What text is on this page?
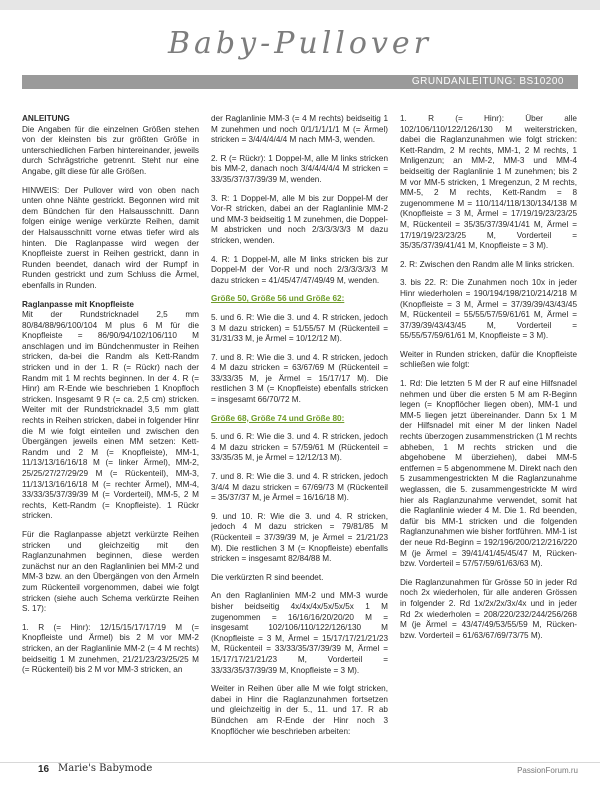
Baby-Pullover
GRUNDANLEITUNG: BS10200

ANLEITUNG
Die Angaben für die einzelnen Größen stehen von der kleinsten bis zur größten Größe in unterschiedlichen Farben hintereinander, jeweils durch Schrägstriche getrennt. Steht nur eine Angabe, gilt diese für alle Größen.

HINWEIS: Der Pullover wird von oben nach unten ohne Nähte gestrickt. Begonnen wird mit dem Bündchen für den Halsausschnitt. Dann folgen einige wenige verkürzte Reihen, damit der Halsausschnitt vorne etwas tiefer wird als hinten. Die Raglanpasse wird wegen der Knopfleiste zuerst in Reihen gestrickt, dann in Runden beendet, danach wird der Rumpf in Runden gestrickt und zum Schluss die Ärmel, ebenfalls in Runden.

Raglanpasse mit Knopfleiste
Mit der Rundstricknadel 2,5 mm 80/84/88/96/100/104 M plus 6 M für die Knopfleiste = 86/90/94/102/106/110 M anschlagen und im Bündchenmuster in Reihen stricken, da-bei die Randm als Kett-Randm stricken und in der 1. R (= Rückr) nach der Randm mit 1 M rechts beginnen. In der 4. R (= Hinr) am R-Ende wie beschrieben 1 Knopfloch stricken. Insgesamt 9 R (= ca. 2,5 cm) stricken. Weiter mit der Rundstricknadel 3,5 mm glatt rechts in Reihen stricken, dabei in folgender Hinr die M wie folgt einteilen und zwischen den Übergängen jeweils einen MM setzen: Kett-Randm und 2 M (= Knopfleiste), MM-1, 11/13/13/16/16/18 M (= linker Ärmel), MM-2, 25/25/27/27/29/29 M (= Rückenteil), MM-3, 11/13/13/16/16/18 M (= rechter Ärmel), MM-4, 33/33/35/37/39/39 M (= Vorderteil), MM-5, 2 M rechts, Kett-Randm (= Knopfleiste). 1 Rückr stricken.

Für die Raglanpasse abjetzt verkürzte Reihen stricken und gleichzeitig mit den Raglanzunahmen beginnen, diese werden zunächst nur an den Raglanlinien bei MM-2 und MM-3 bzw. an den Übergängen von den Ärmeln zum Rückenteil vorgenommen, dabei wie folgt stricken (siehe auch Schema verkürzte Reihen S. 17):

1. R (= Hinr): 12/15/15/17/17/19 M (= Knopfleiste und Ärmel) bis 2 M vor MM-2 stricken, an der Raglanlinie MM-2 (= 4 M rechts) beidseitig 1 M zunehmen, 21/21/23/23/25/25 M (= Rückenteil) bis 2 M vor MM-3 stricken, an

der Raglanlinie MM-3 (= 4 M rechts) beidseitig 1 M zunehmen und noch 0/1/1/1/1/1 M (= Ärmel) stricken = 3/4/4/4/4/4 M nach MM-3, wenden.

2. R (= Rückr): 1 Doppel-M, alle M links stricken bis MM-2, danach noch 3/4/4/4/4/4 M stricken = 33/35/37/37/39/39 M, wenden.

3. R: 1 Doppel-M, alle M bis zur Doppel-M der Vor-R stricken, dabei an der Raglanlinie MM-2 und MM-3 beidseitig 1 M zunehmen, die Doppel-M abstricken und noch 2/3/3/3/3/3 M dazu stricken, wenden.

4. R: 1 Doppel-M, alle M links stricken bis zur Doppel-M der Vor-R und noch 2/3/3/3/3/3 M dazu stricken = 41/45/47/47/49/49 M, wenden.

Größe 50, Größe 56 und Größe 62:

5. und 6. R: Wie die 3. und 4. R stricken, jedoch 3 M dazu stricken) = 51/55/57 M (Rückenteil = 31/31/33 M, je Ärmel = 10/12/12 M).

7. und 8. R: Wie die 3. und 4. R stricken, jedoch 4 M dazu stricken = 63/67/69 M (Rückenteil = 33/33/35 M, je Ärmel = 15/17/17 M). Die restlichen 3 M (= Knopfleiste) ebenfalls stricken = insgesamt 66/70/72 M.

Größe 68, Größe 74 und Größe 80:

5. und 6. R: Wie die 3. und 4. R stricken, jedoch 4 M dazu stricken = 57/59/61 M (Rückenteil = 33/35/35 M, je Ärmel = 12/12/13 M).

7. und 8. R: Wie die 3. und 4. R stricken, jedoch 3/4/4 M dazu stricken = 67/69/73 M (Rückenteil = 35/37/37 M, je Ärmel = 16/16/18 M).

9. und 10. R: Wie die 3. und 4. R stricken, jedoch 4 M dazu stricken = 79/81/85 M (Rückenteil = 37/39/39 M, je Ärmel = 21/21/23 M). Die restlichen 3 M (= Knopfleiste) ebenfalls stricken = insgesamt 82/84/88 M.

Die verkürzten R sind beendet.

An den Raglanlinien MM-2 und MM-3 wurde bisher beidseitig 4x/4x/4x/5x/5x/5x 1 M zugenommen = 16/16/16/20/20/20 M = insgesamt 102/106/110/122/126/130 M (Knopfleiste = 3 M, Ärmel = 15/17/17/21/21/23 M, Rückenteil = 33/33/35/37/39/39 M, Ärmel = 15/17/17/21/21/23 M, Vorderteil = 33/33/35/37/39/39 M, Knopfleiste = 3 M).

Weiter in Reihen über alle M wie folgt stricken, dabei in Hinr die Raglanzunahmen fortsetzen und gleichzeitig in der 5., 11. und 17. R ab Bündchen am R-Ende der Hinr noch 3 Knopflöcher wie beschrieben arbeiten:

1. R (= Hinr): Über alle 102/106/110/122/126/130 M weiterstricken, dabei die Raglanzunahmen wie folgt stricken: Kett-Randm, 2 M rechts, MM-1, 2 M rechts, 1 Mnligenzun; an MM-2, MM-3 und MM-4 beidseitig der Raglanlinie 1 M zunehmen; bis 2 M vor MM-5 stricken, 1 Mregenzun, 2 M rechts, MM-5, 2 M rechts, Kett-Randm = 8 zugenommene M = 110/114/118/130/134/138 M (Knopfleiste = 3 M, Ärmel = 17/19/19/23/23/25 M, Rückenteil = 35/35/37/39/41/41 M, Ärmel = 17/19/19/23/23/25 M, Vorderteil = 35/35/37/39/41/41 M, Knopfleiste = 3 M).

2. R: Zwischen den Randm alle M links stricken.

3. bis 22. R: Die Zunahmen noch 10x in jeder Hinr wiederholen = 190/194/198/210/214/218 M (Knopfleiste = 3 M, Ärmel = 37/39/39/43/43/45 M, Rückenteil = 55/55/57/59/61/61 M, Ärmel = 37/39/39/43/43/45 M, Vorderteil = 55/55/57/59/61/61 M, Knopfleiste = 3 M).

Weiter in Runden stricken, dafür die Knopfleiste schließen wie folgt:

1. Rd: Die letzten 5 M der R auf eine Hilfsnadel nehmen und über die ersten 5 M am R-Beginn legen (= Knopflöcher liegen oben), MM-1 und MM-5 liegen jetzt übereinander. Dann 5x 1 M der Hilfsnadel mit einer M der linken Nadel rechts überzogen zusammenstricken (1 M rechts abheben, 1 M rechts stricken und die abgehobene M überziehen), dabei MM-5 entfernen = 5 abgenommene M. Direkt nach den 5 zusammengestrickten M die Raglanzunahme weglassen, die 5. zusammengestrickte M wird hier als Raglanzunahme verwendet, somit hat die Raglanlinie wieder 4 M. Die 1. Rd beenden, dafür bis MM-1 stricken und die folgenden Raglanzunahmen wie bisher fortführen. MM-1 ist der neue Rd-Beginn = 192/196/200/212/216/220 M (je Ärmel = 39/41/41/45/45/47 M, Rücken- bzw. Vorderteil = 57/57/59/61/63/63 M).

Die Raglanzunahmen für Grösse 50 in jeder Rd noch 2x wiederholen, für alle anderen Grössen in folgender 2. Rd 1x/2x/2x/3x/4x und in jeder Rd 2x wiederholen = 208/220/232/244/256/268 M (je Ärmel = 43/47/49/53/55/59 M, Rücken- bzw. Vorderteil = 61/63/67/69/73/75 M).

16 Marie's Babymode	PassionForum.ru
